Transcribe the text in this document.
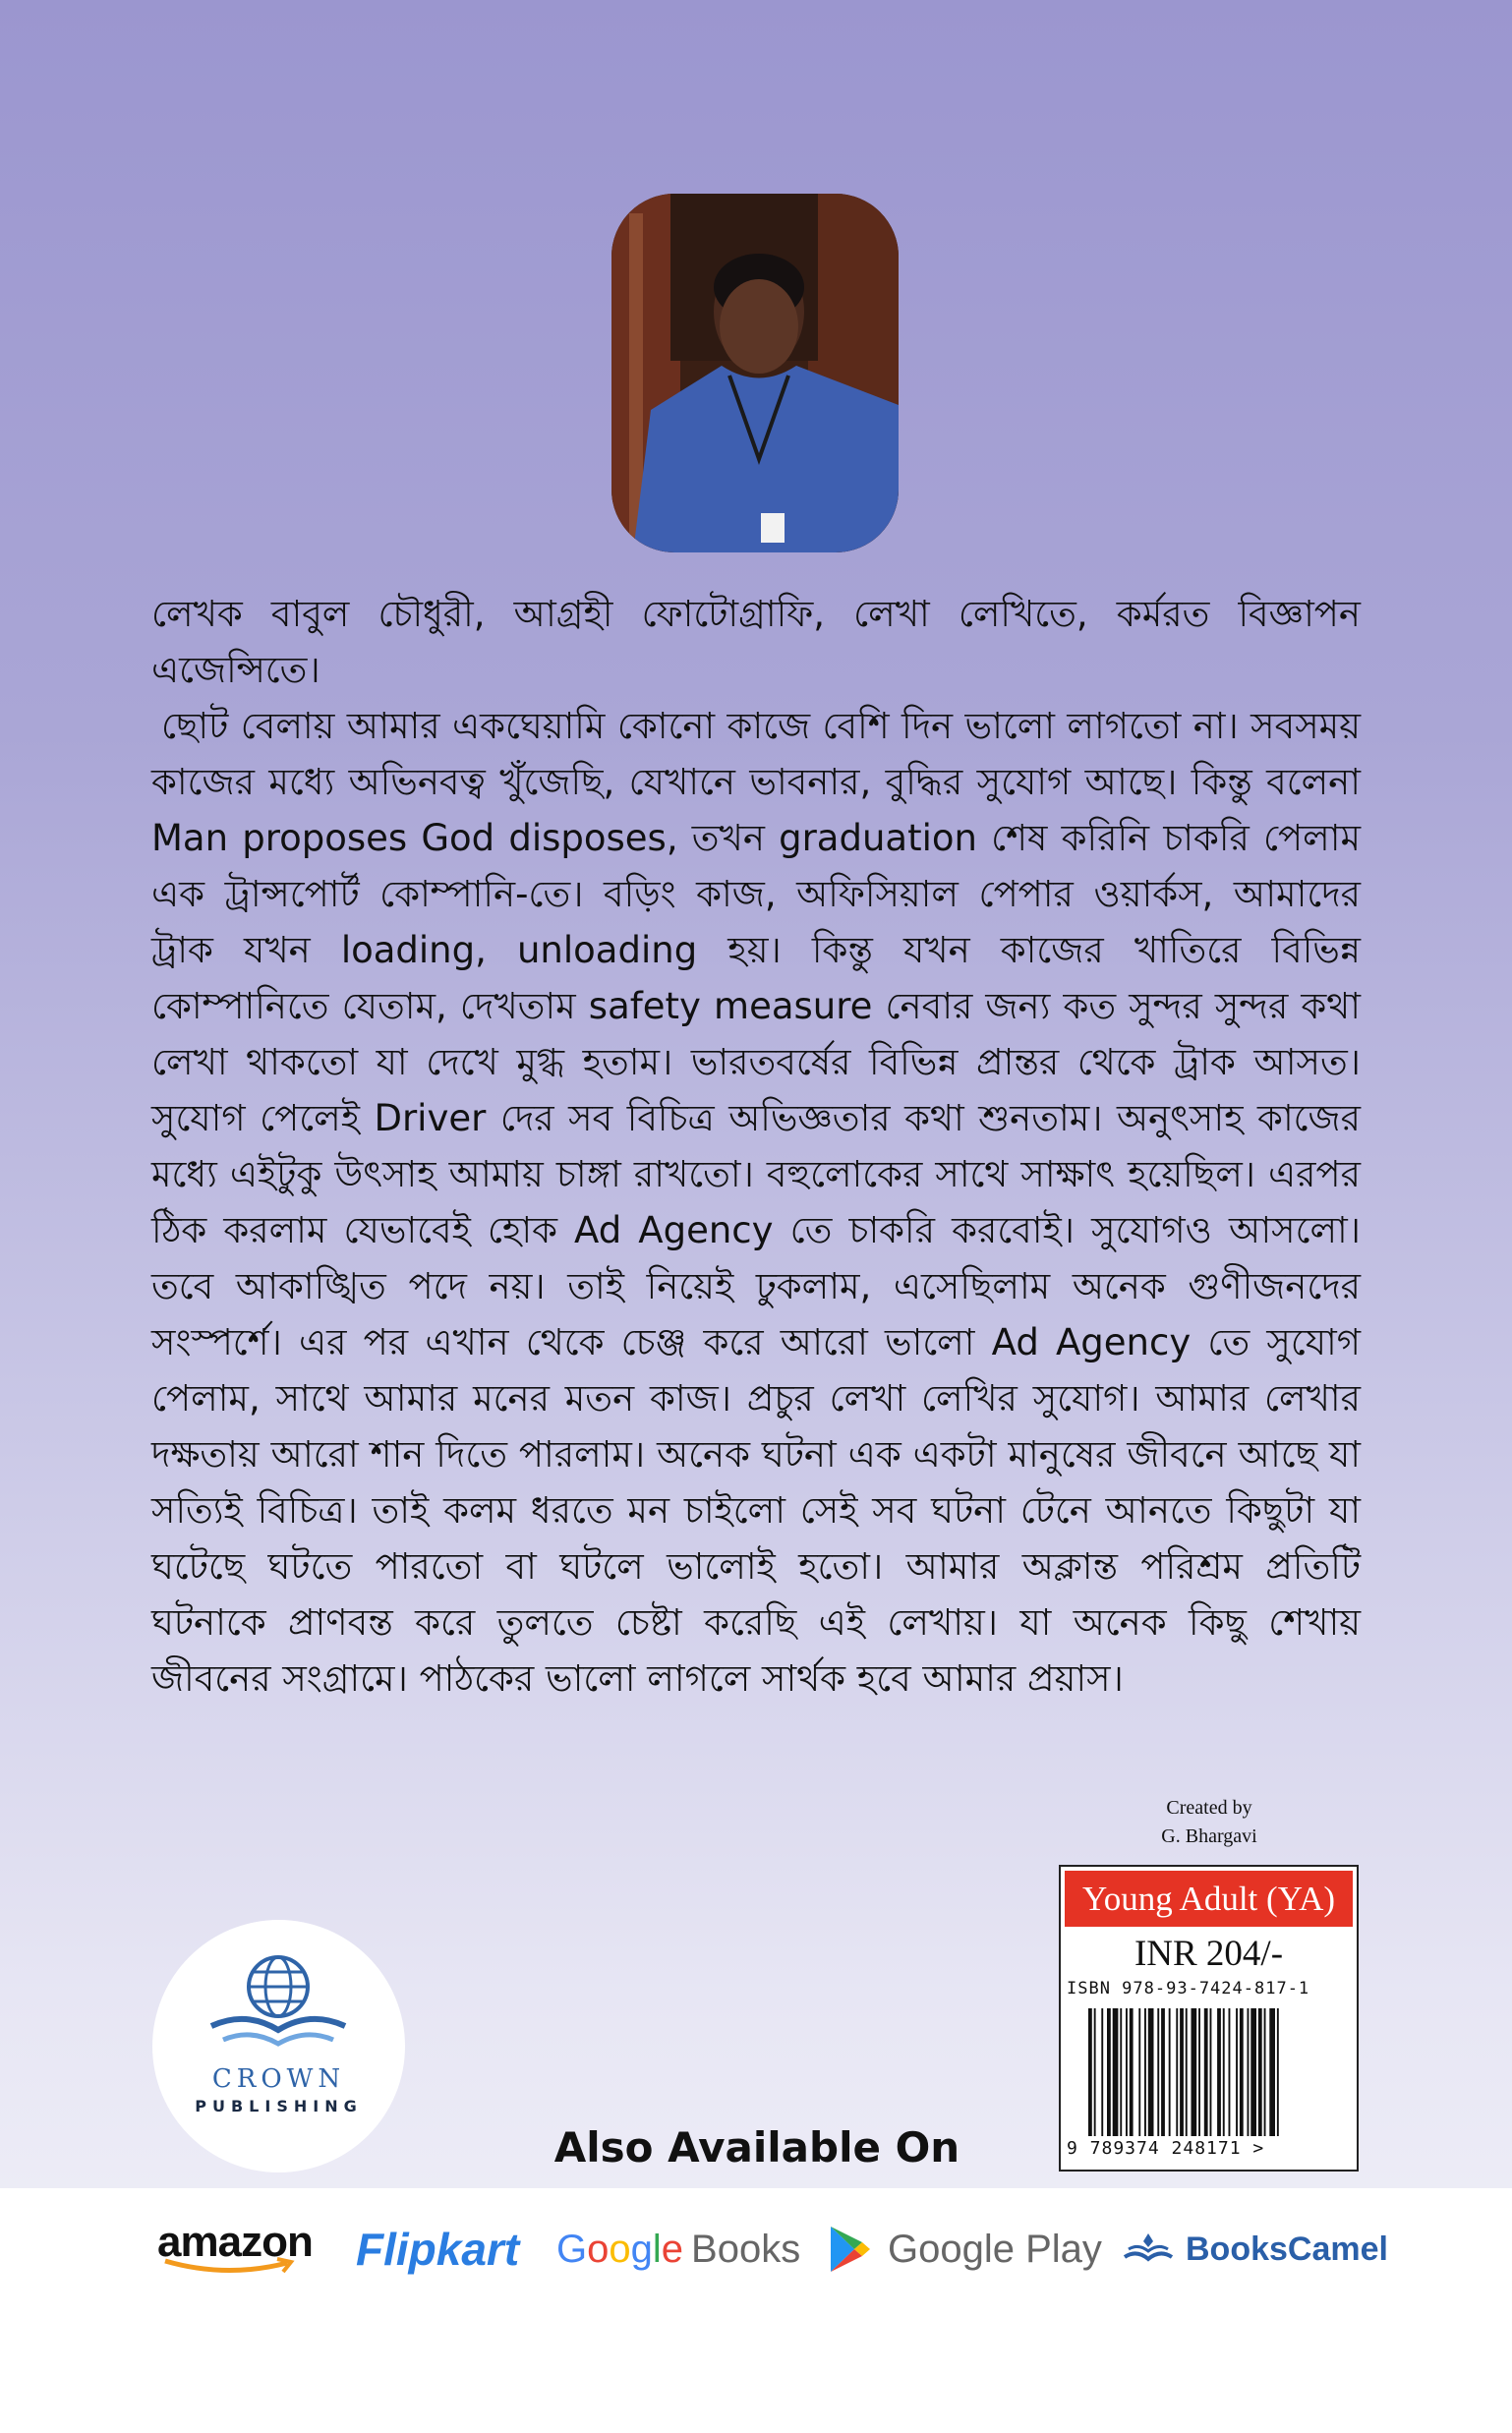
লেখক বাবুল চৌধুরী, আগ্রহী ফোটোগ্রাফি, লেখা লেখিতে, কর্মরত বিজ্ঞাপন এজেন্সিতে।

ছোট বেলায় আমার একঘেয়ামি কোনো কাজে বেশি দিন ভালো লাগতো না। সবসময় কাজের মধ্যে অভিনবত্ব খুঁজেছি, যেখানে ভাবনার, বুদ্ধির সুযোগ আছে। কিন্তু বলেনা Man proposes God disposes, তখন graduation শেষ করিনি চাকরি পেলাম এক ট্রান্সপোর্ট কোম্পানি-তে। বড়িং কাজ, অফিসিয়াল পেপার ওয়ার্কস, আমাদের ট্রাক যখন loading, unloading হয়। কিন্তু যখন কাজের খাতিরে বিভিন্ন কোম্পানিতে যেতাম, দেখতাম safety measure নেবার জন্য কত সুন্দর সুন্দর কথা লেখা থাকতো যা দেখে মুগ্ধ হতাম। ভারতবর্ষের বিভিন্ন প্রান্তর থেকে ট্রাক আসত। সুযোগ পেলেই Driver দের সব বিচিত্র অভিজ্ঞতার কথা শুনতাম। অনুৎসাহ কাজের মধ্যে এইটুকু উৎসাহ আমায় চাঙ্গা রাখতো। বহুলোকের সাথে সাক্ষাৎ হয়েছিল। এরপর ঠিক করলাম যেভাবেই হোক Ad Agency তে চাকরি করবোই। সুযোগও আসলো। তবে আকাঙ্খিত পদে নয়। তাই নিয়েই ঢুকলাম, এসেছিলাম অনেক গুণীজনদের সংস্পর্শে। এর পর এখান থেকে চেঞ্জ করে আরো ভালো Ad Agency তে সুযোগ পেলাম, সাথে আমার মনের মতন কাজ। প্রচুর লেখা লেখির সুযোগ। আমার লেখার দক্ষতায় আরো শান দিতে পারলাম। অনেক ঘটনা এক একটা মানুষের জীবনে আছে যা সত্যিই বিচিত্র। তাই কলম ধরতে মন চাইলো সেই সব ঘটনা টেনে আনতে কিছুটা যা ঘটেছে ঘটতে পারতো বা ঘটলে ভালোই হতো। আমার অক্লান্ত পরিশ্রম প্রতিটি ঘটনাকে প্রাণবন্ত করে তুলতে চেষ্টা করেছি এই লেখায়। যা অনেক কিছু শেখায় জীবনের সংগ্রামে। পাঠকের ভালো লাগলে সার্থক হবে আমার প্রয়াস।

Created by
G. Bhargavi
Young Adult (YA)
INR 204/-
ISBN 978-93-7424-817-1
9 789374 248171 >
CROWN
PUBLISHING
Also Available On
amazon Flipkart G o o g l e Books Google Play	BooksCamel
